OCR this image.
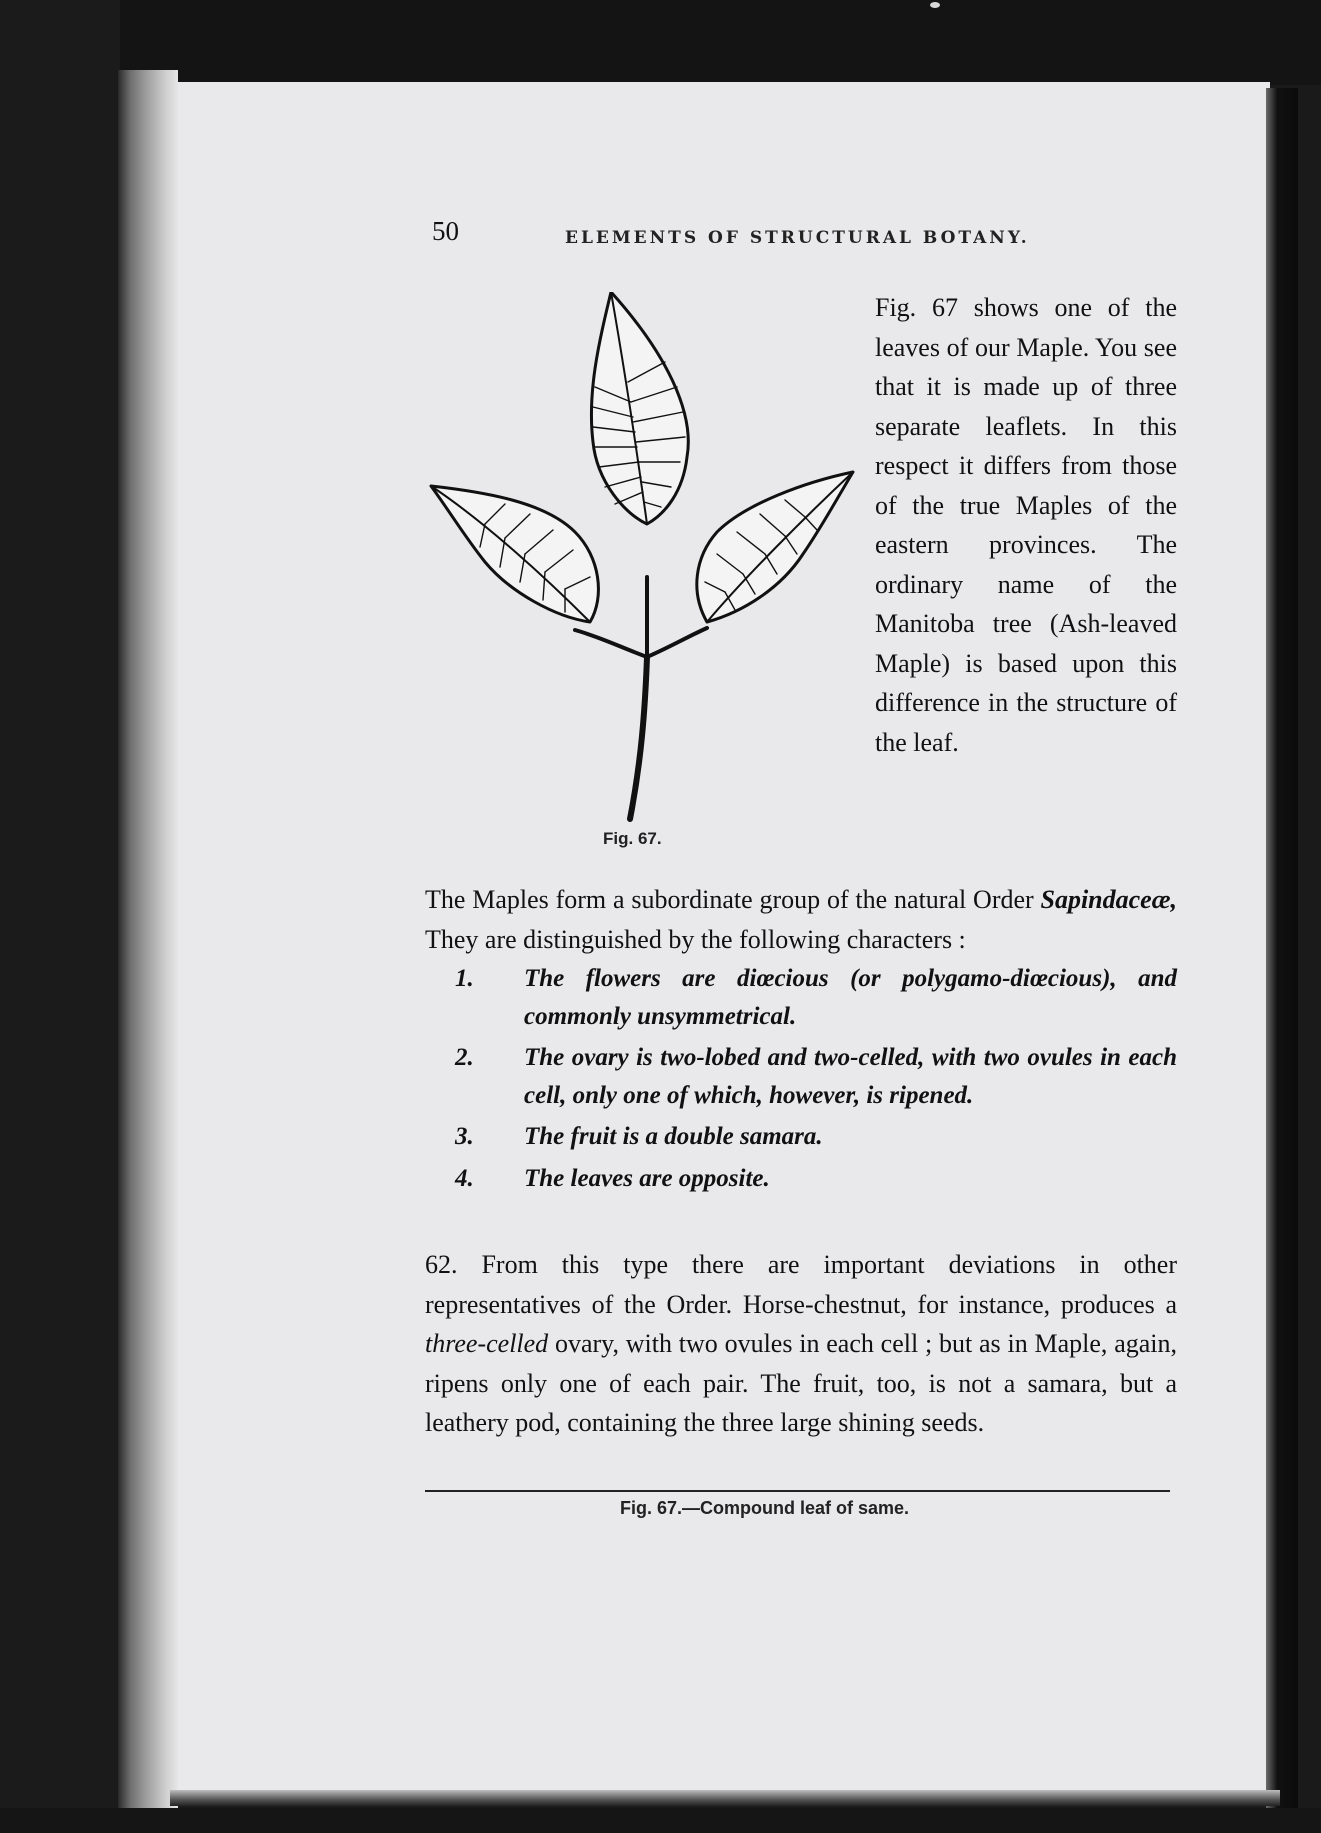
50	ELEMENTS OF STRUCTURAL BOTANY.
Fig. 67.
Fig. 67 shows one of the leaves of our Maple. You see that it is made up of three separate leaflets. In this respect it differs from those of the true Maples of the eastern provinces. The ordinary name of the Manitoba tree (Ash-leaved Maple) is based upon this difference in the structure of the leaf.
The Maples form a subordinate group of the natural Order Sapindaceæ, They are distinguished by the following characters :
1. The flowers are diœcious (or polygamo-diœcious), and commonly unsymmetrical.
2. The ovary is two-lobed and two-celled, with two ovules in each cell, only one of which, however, is ripened.
3. The fruit is a double samara.
4. The leaves are opposite.
62. From this type there are important deviations in other representatives of the Order. Horse-chestnut, for instance, produces a three-celled ovary, with two ovules in each cell ; but as in Maple, again, ripens only one of each pair. The fruit, too, is not a samara, but a leathery pod, containing the three large shining seeds.
Fig. 67.—Compound leaf of same.
